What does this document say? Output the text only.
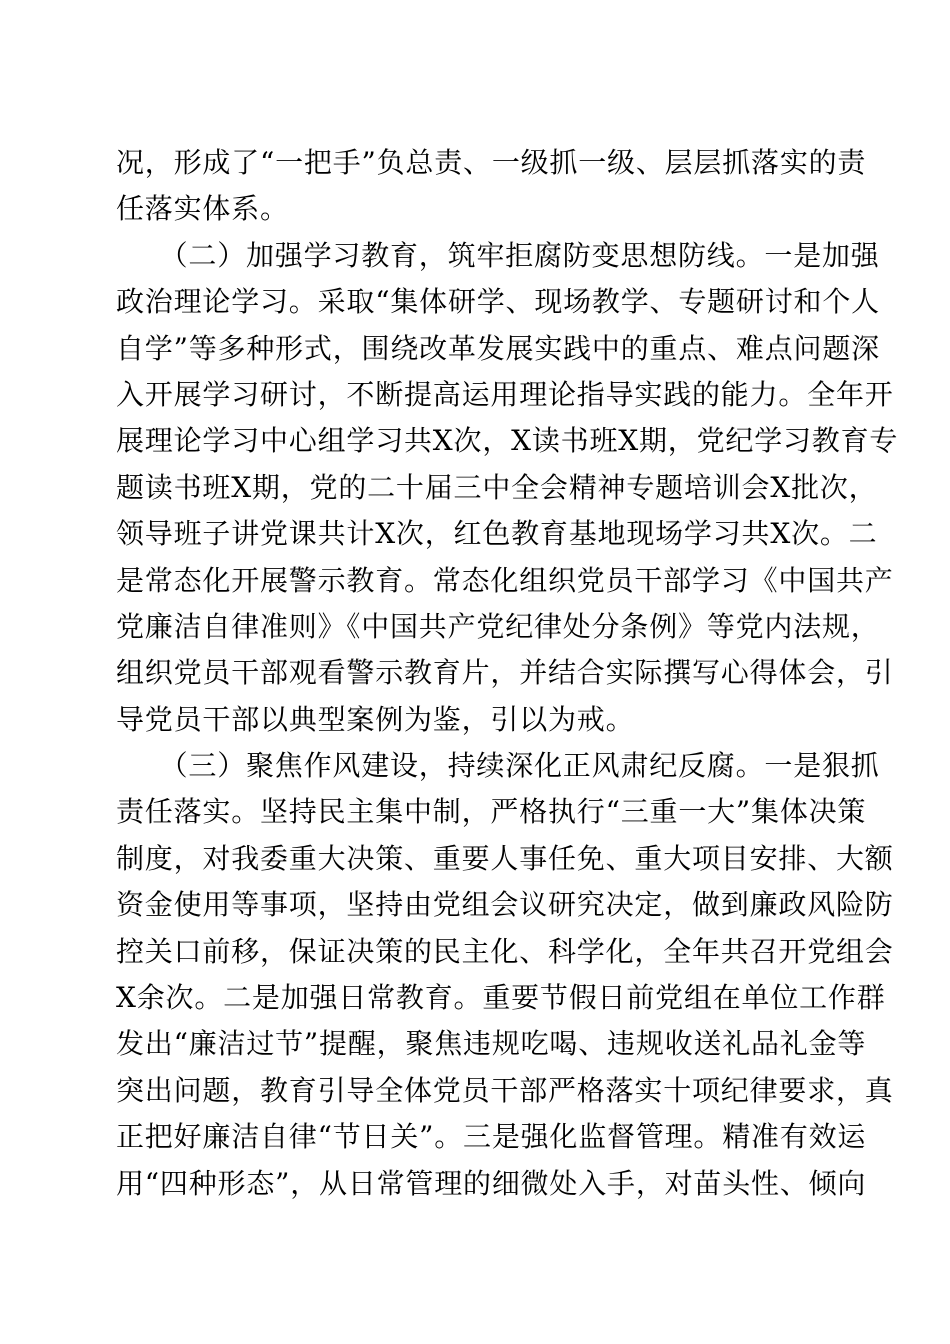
况，形成了“一把手”负总责、一级抓一级、层层抓落实的责
任落实体系。
　　（二）加强学习教育，筑牢拒腐防变思想防线。一是加强
政治理论学习。采取“集体研学、现场教学、专题研讨和个人
自学”等多种形式，围绕改革发展实践中的重点、难点问题深
入开展学习研讨，不断提高运用理论指导实践的能力。全年开
展理论学习中心组学习共X次，X读书班X期，党纪学习教育专
题读书班X期，党的二十届三中全会精神专题培训会X批次，
领导班子讲党课共计X次，红色教育基地现场学习共X次。二
是常态化开展警示教育。常态化组织党员干部学习《中国共产
党廉洁自律准则》《中国共产党纪律处分条例》等党内法规，
组织党员干部观看警示教育片，并结合实际撰写心得体会，引
导党员干部以典型案例为鉴，引以为戒。
　　（三）聚焦作风建设，持续深化正风肃纪反腐。一是狠抓
责任落实。坚持民主集中制，严格执行“三重一大”集体决策
制度，对我委重大决策、重要人事任免、重大项目安排、大额
资金使用等事项，坚持由党组会议研究决定，做到廉政风险防
控关口前移，保证决策的民主化、科学化，全年共召开党组会
X余次。二是加强日常教育。重要节假日前党组在单位工作群
发出“廉洁过节”提醒，聚焦违规吃喝、违规收送礼品礼金等
突出问题，教育引导全体党员干部严格落实十项纪律要求，真
正把好廉洁自律“节日关”。三是强化监督管理。精准有效运
用“四种形态”，从日常管理的细微处入手，对苗头性、倾向
